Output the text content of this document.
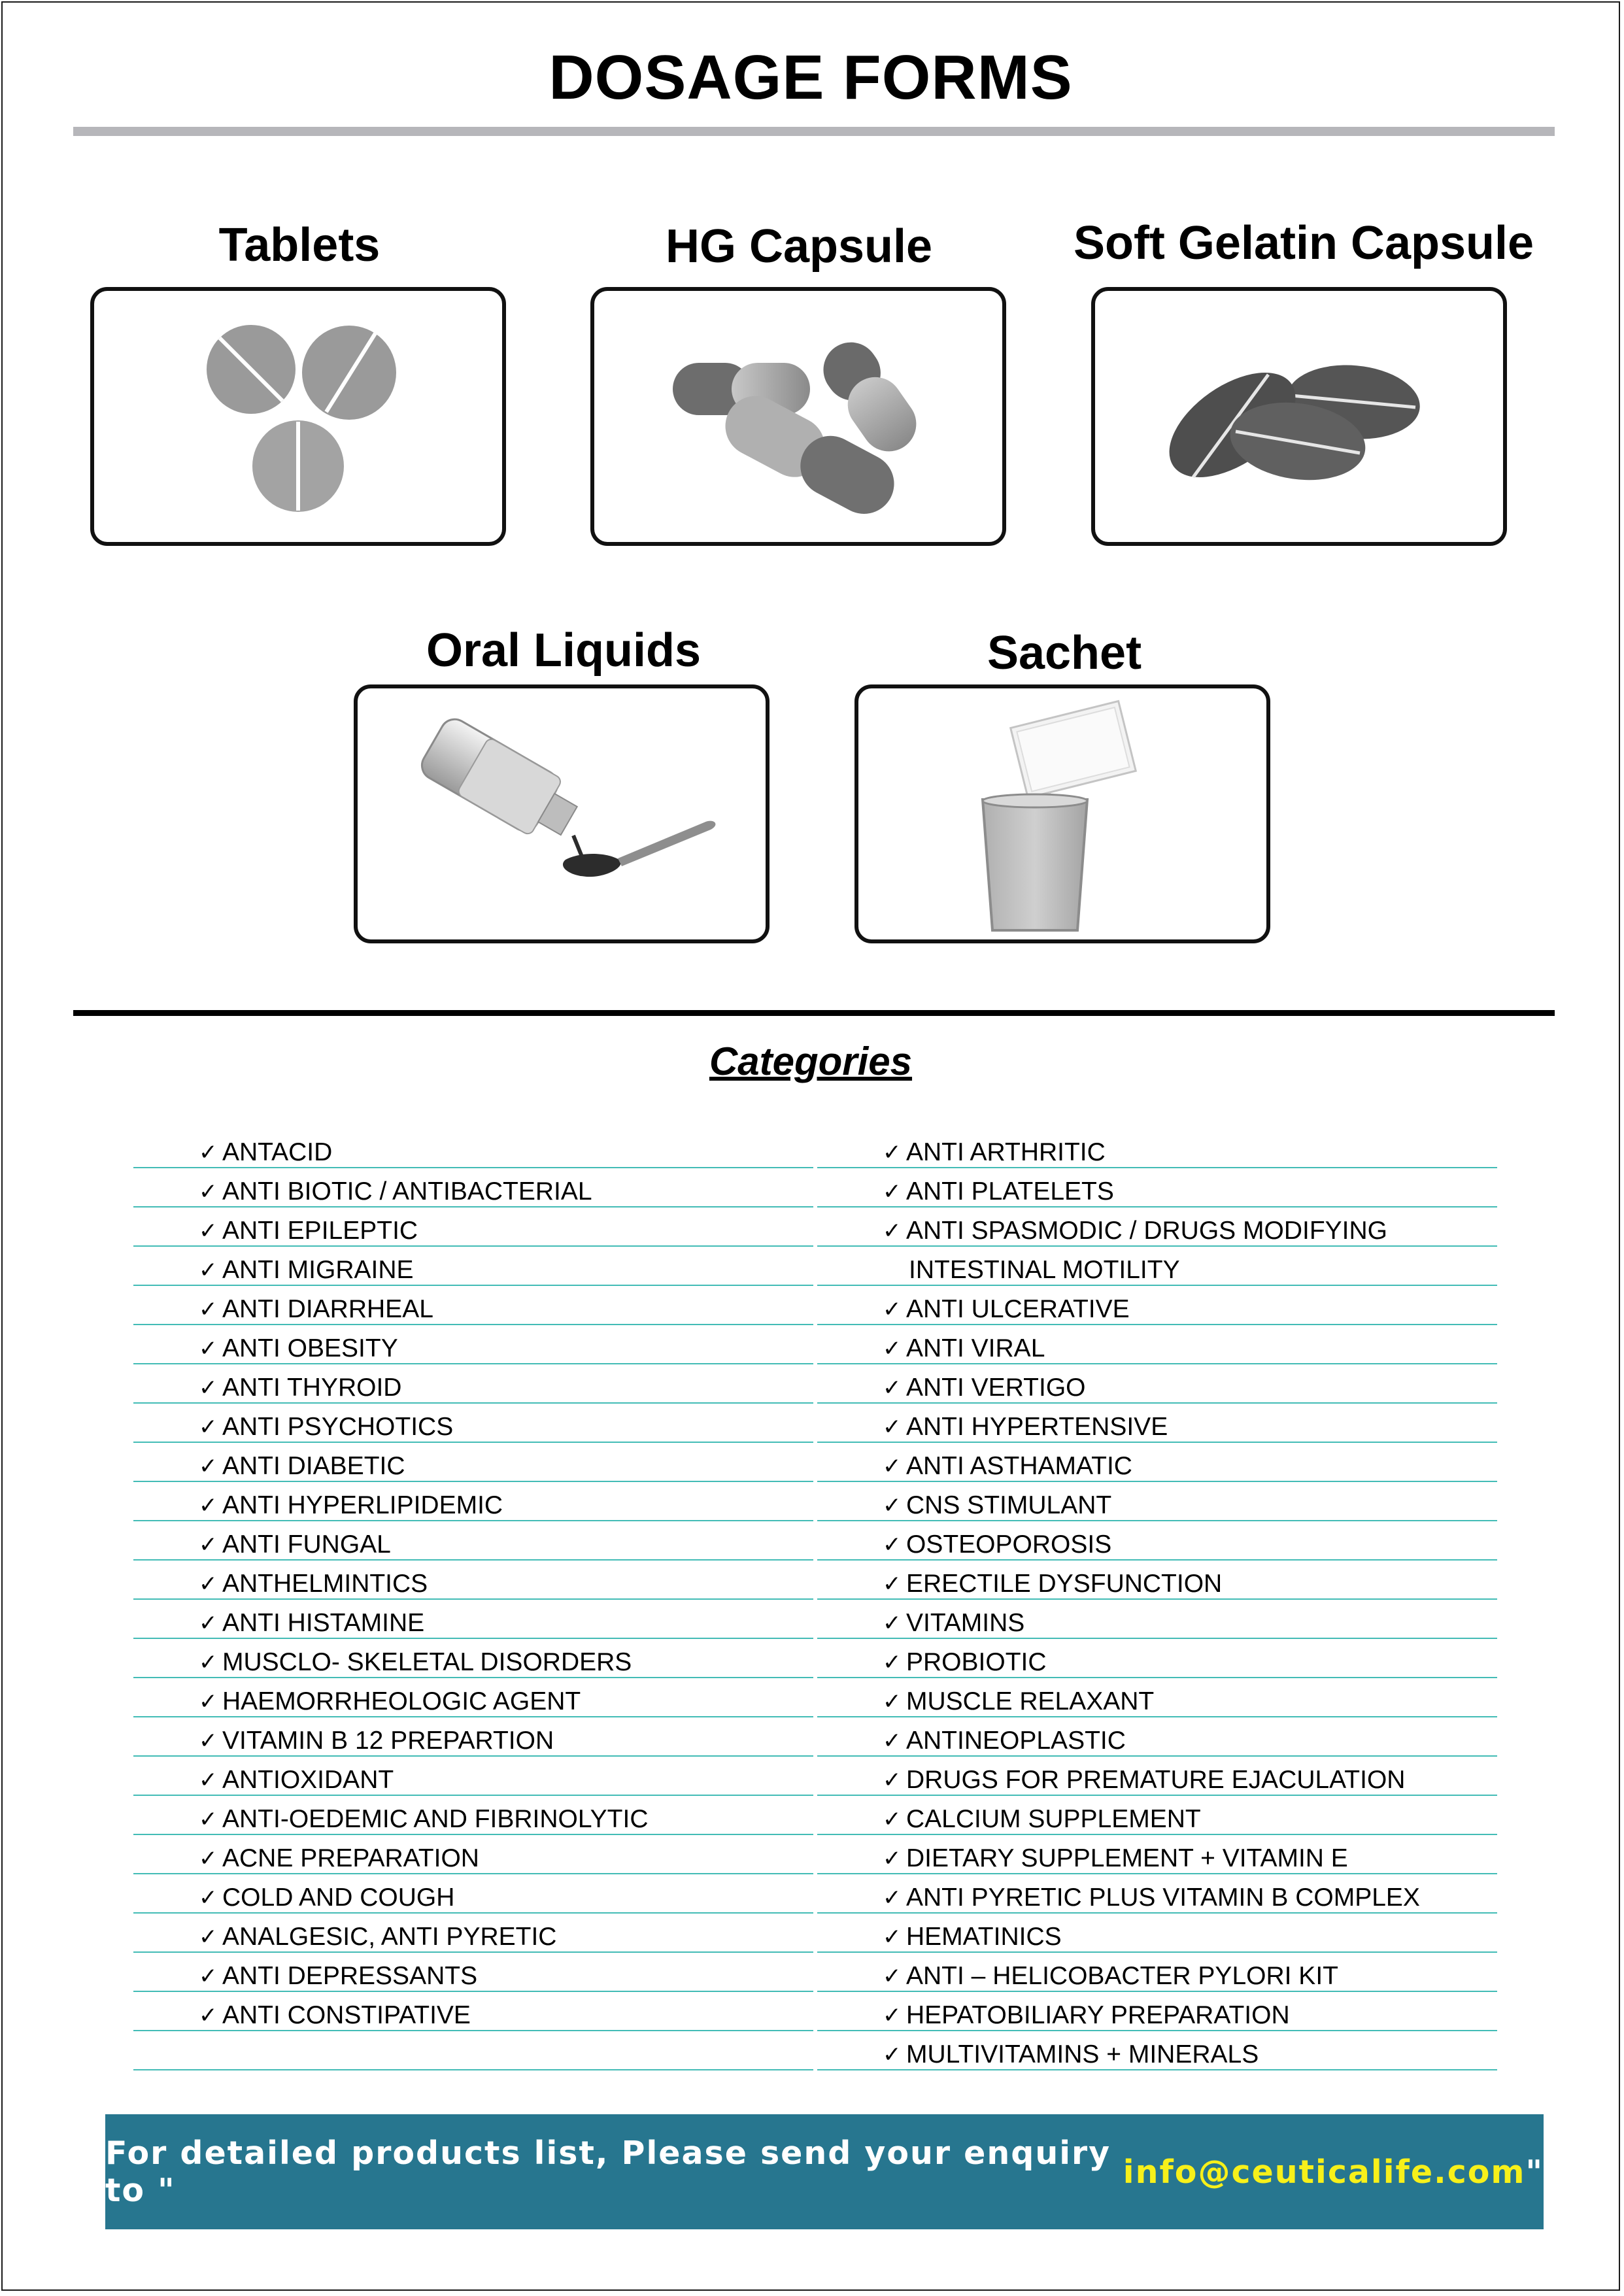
DOSAGE FORMS
Tablets	HG Capsule	Soft Gelatin Capsule
Oral Liquids	Sachet
Categories
✓ ANTACID
✓ ANTI BIOTIC / ANTIBACTERIAL
✓ ANTI EPILEPTIC
✓ ANTI MIGRAINE
✓ ANTI DIARRHEAL
✓ ANTI OBESITY
✓ ANTI THYROID
✓ ANTI PSYCHOTICS
✓ ANTI DIABETIC
✓ ANTI HYPERLIPIDEMIC
✓ ANTI FUNGAL
✓ ANTHELMINTICS
✓ ANTI HISTAMINE
✓ MUSCLO- SKELETAL DISORDERS
✓ HAEMORRHEOLOGIC AGENT
✓ VITAMIN B 12 PREPARTION
✓ ANTIOXIDANT
✓ ANTI-OEDEMIC AND FIBRINOLYTIC
✓ ACNE PREPARATION
✓ COLD AND COUGH
✓ ANALGESIC, ANTI PYRETIC
✓ ANTI DEPRESSANTS
✓ ANTI CONSTIPATIVE
✓ ANTI ARTHRITIC
✓ ANTI PLATELETS
✓ ANTI SPASMODIC / DRUGS MODIFYING
INTESTINAL MOTILITY
✓ ANTI ULCERATIVE
✓ ANTI VIRAL
✓ ANTI VERTIGO
✓ ANTI HYPERTENSIVE
✓ ANTI ASTHAMATIC
✓ CNS STIMULANT
✓ OSTEOPOROSIS
✓ ERECTILE DYSFUNCTION
✓ VITAMINS
✓ PROBIOTIC
✓ MUSCLE RELAXANT
✓ ANTINEOPLASTIC
✓ DRUGS FOR PREMATURE EJACULATION
✓ CALCIUM SUPPLEMENT
✓ DIETARY SUPPLEMENT + VITAMIN E
✓ ANTI PYRETIC PLUS VITAMIN B COMPLEX
✓ HEMATINICS
✓ ANTI – HELICOBACTER PYLORI KIT
✓ HEPATOBILIARY PREPARATION
✓ MULTIVITAMINS + MINERALS
For detailed products list, Please send your enquiry to "	info@ceuticalife.com "
